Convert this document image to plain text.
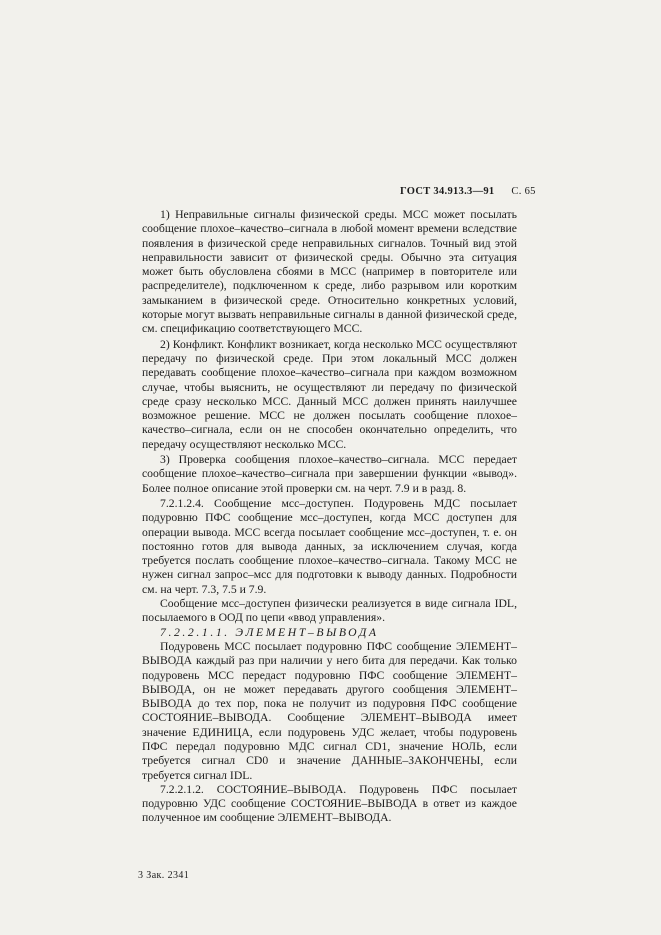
ГОСТ 34.913.3—91 С. 65

1) Неправильные сигналы физической среды. МСС может посылать сообщение плохое–качество–сигнала в любой момент времени вследствие появления в физической среде неправильных сигналов. Точный вид этой неправильности зависит от физической среды. Обычно эта ситуация может быть обусловлена сбоями в МСС (например в повторителе или распределителе), подключенном к среде, либо разрывом или коротким замыканием в физической среде. Относительно конкретных условий, которые могут вызвать неправильные сигналы в данной физической среде, см. спецификацию соответствующего МСС.

2) Конфликт. Конфликт возникает, когда несколько МСС осуществляют передачу по физической среде. При этом локальный МСС должен передавать сообщение плохое–качество–сигнала при каждом возможном случае, чтобы выяснить, не осуществляют ли передачу по физической среде сразу несколько МСС. Данный МСС должен принять наилучшее возможное решение. МСС не должен посылать сообщение плохое–качество–сигнала, если он не способен окончательно определить, что передачу осуществляют несколько МСС.

3) Проверка сообщения плохое–качество–сигнала. МСС передает сообщение плохое–качество–сигнала при завершении функции «вывод». Более полное описание этой проверки см. на черт. 7.9 и в разд. 8.

7.2.1.2.4. Сообщение мсс–доступен. Подуровень МДС посылает подуровню ПФС сообщение мсс–доступен, когда МСС доступен для операции вывода. МСС всегда посылает сообщение мсс–доступен, т. е. он постоянно готов для вывода данных, за исключением случая, когда требуется послать сообщение плохое–качество–сигнала. Такому МСС не нужен сигнал запрос–мсс для подготовки к выводу данных. Подробности см. на черт. 7.3, 7.5 и 7.9.

Сообщение мсс–доступен физически реализуется в виде сигнала IDL, посылаемого в ООД по цепи «ввод управления».

7.2.2.1.1. ЭЛЕМЕНТ–ВЫВОДА

Подуровень МСС посылает подуровню ПФС сообщение ЭЛЕМЕНТ–ВЫВОДА каждый раз при наличии у него бита для передачи. Как только подуровень МСС передаст подуровню ПФС сообщение ЭЛЕМЕНТ–ВЫВОДА, он не может передавать другого сообщения ЭЛЕМЕНТ–ВЫВОДА до тех пор, пока не получит из подуровня ПФС сообщение СОСТОЯНИЕ–ВЫВОДА. Сообщение ЭЛЕМЕНТ–ВЫВОДА имеет значение ЕДИНИЦА, если подуровень УДС желает, чтобы подуровень ПФС передал подуровню МДС сигнал CD1, значение НОЛЬ, если требуется сигнал CD0 и значение ДАННЫЕ–ЗАКОНЧЕНЫ, если требуется сигнал IDL.

7.2.2.1.2. СОСТОЯНИЕ–ВЫВОДА. Подуровень ПФС посылает подуровню УДС сообщение СОСТОЯНИЕ–ВЫВОДА в ответ из каждое полученное им сообщение ЭЛЕМЕНТ–ВЫВОДА.

3 Зак. 2341
